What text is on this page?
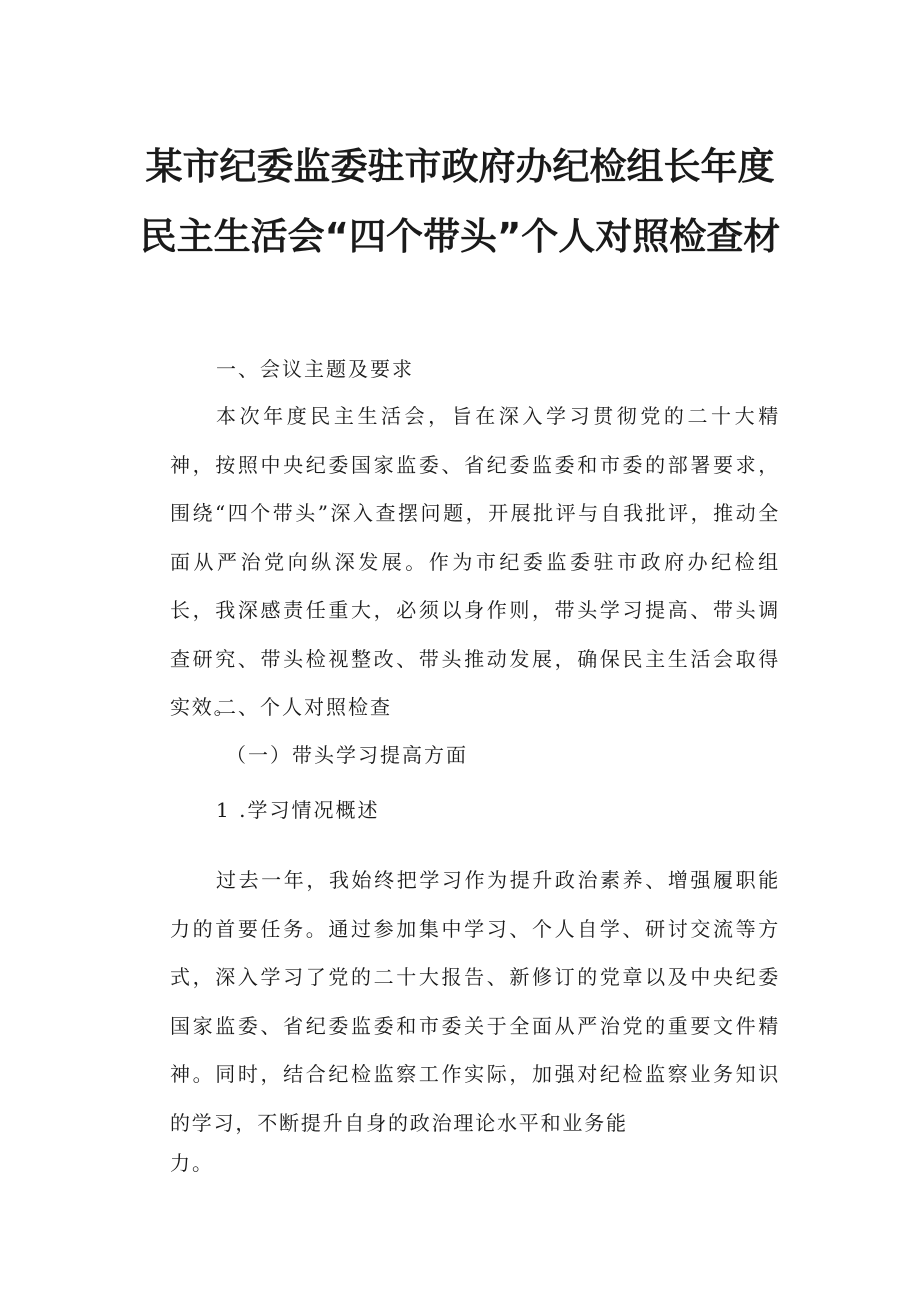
某市纪委监委驻市政府办纪检组长年度
民主生活会“四个带头”个人对照检查材
一、会议主题及要求
本次年度民主生活会，旨在深入学习贯彻党的二十大精神，按照中央纪委国家监委、省纪委监委和市委的部署要求，围绕“四个带头”深入查摆问题，开展批评与自我批评，推动全面从严治党向纵深发展。作为市纪委监委驻市政府办纪检组长，我深感责任重大，必须以身作则，带头学习提高、带头调查研究、带头检视整改、带头推动发展，确保民主生活会取得实效。
二、个人对照检查
（一）带头学习提高方面
1 .学习情况概述
过去一年，我始终把学习作为提升政治素养、增强履职能力的首要任务。通过参加集中学习、个人自学、研讨交流等方式，深入学习了党的二十大报告、新修订的党章以及中央纪委国家监委、省纪委监委和市委关于全面从严治党的重要文件精神。同时，结合纪检监察工作实际，加强对纪检监察业务知识的学习，不断提升自身的政治理论水平和业务能
力。
